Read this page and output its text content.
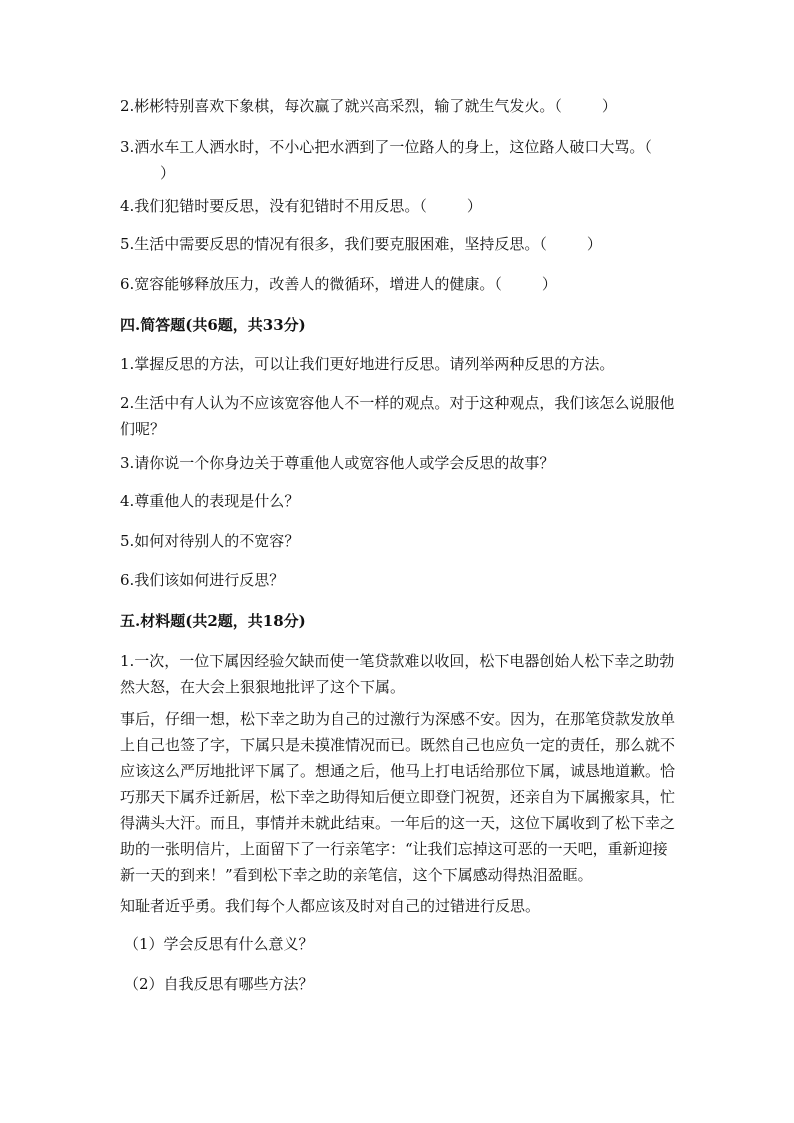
2.彬彬特别喜欢下象棋，每次赢了就兴高采烈，输了就生气发火。（	）

3.洒水车工人洒水时，不小心把水洒到了一位路人的身上，这位路人破口大骂。（）

4.我们犯错时要反思，没有犯错时不用反思。（	）

5.生活中需要反思的情况有很多，我们要克服困难，坚持反思。（	）

6.宽容能够释放压力，改善人的微循环，增进人的健康。（	）

四.简答题(共6题，共33分)

1.掌握反思的方法，可以让我们更好地进行反思。请列举两种反思的方法。

2.生活中有人认为不应该宽容他人不一样的观点。对于这种观点，我们该怎么说服他们呢？

3.请你说一个你身边关于尊重他人或宽容他人或学会反思的故事？

4.尊重他人的表现是什么？

5.如何对待别人的不宽容？

6.我们该如何进行反思？

五.材料题(共2题，共18分)

1.一次，一位下属因经验欠缺而使一笔贷款难以收回，松下电器创始人松下幸之助勃然大怒，在大会上狠狠地批评了这个下属。

事后，仔细一想，松下幸之助为自己的过激行为深感不安。因为，在那笔贷款发放单上自己也签了字，下属只是未摸准情况而已。既然自己也应负一定的责任，那么就不应该这么严厉地批评下属了。想通之后，他马上打电话给那位下属，诚恳地道歉。恰巧那天下属乔迁新居，松下幸之助得知后便立即登门祝贺，还亲自为下属搬家具，忙得满头大汗。而且，事情并未就此结束。一年后的这一天，这位下属收到了松下幸之助的一张明信片，上面留下了一行亲笔字：“让我们忘掉这可恶的一天吧，重新迎接新一天的到来！”看到松下幸之助的亲笔信，这个下属感动得热泪盈眶。

知耻者近乎勇。我们每个人都应该及时对自己的过错进行反思。

（1）学会反思有什么意义？

（2）自我反思有哪些方法？
